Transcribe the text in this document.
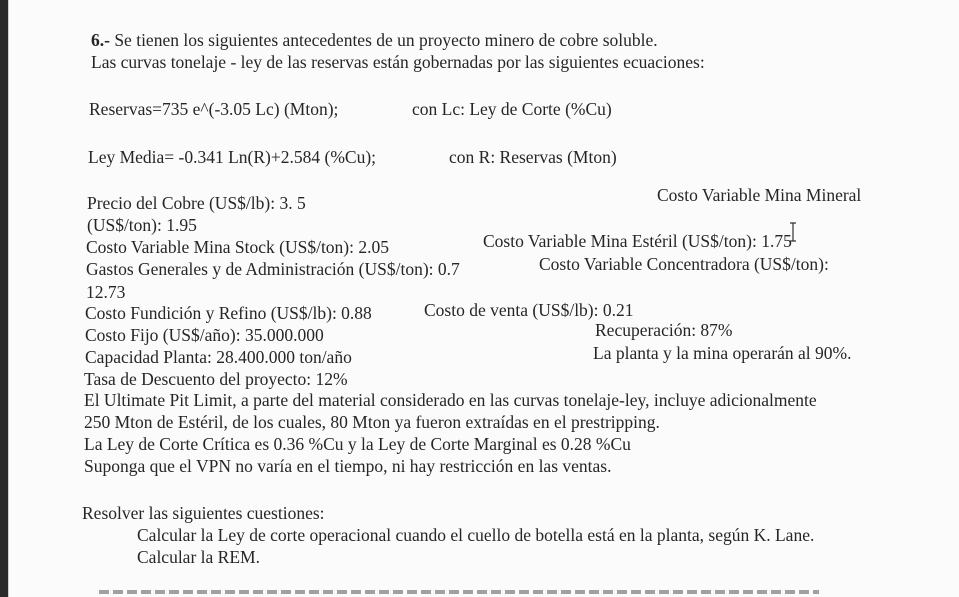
6.- Se tienen los siguientes antecedentes de un proyecto minero de cobre soluble.
Las curvas tonelaje - ley de las reservas están gobernadas por las siguientes ecuaciones:
Reservas=735 e^(-3.05 Lc) (Mton);	con Lc: Ley de Corte (%Cu)
Ley Media= -0.341 Ln(R)+2.584 (%Cu);	con R: Reservas (Mton)
Precio del Cobre (US$/lb): 3. 5	Costo Variable Mina Mineral
(US$/ton): 1.95
Costo Variable Mina Stock (US$/ton): 2.05	Costo Variable Mina Estéril (US$/ton): 1.75
Gastos Generales y de Administración (US$/ton): 0.7	Costo Variable Concentradora (US$/ton):
12.73
Costo Fundición y Refino (US$/lb): 0.88	Costo de venta (US$/lb): 0.21
Costo Fijo (US$/año): 35.000.000	Recuperación: 87%
Capacidad Planta: 28.400.000 ton/año	La planta y la mina operarán al 90%.
Tasa de Descuento del proyecto: 12%
El Ultimate Pit Limit, a parte del material considerado en las curvas tonelaje-ley, incluye adicionalmente
250 Mton de Estéril, de los cuales, 80 Mton ya fueron extraídas en el prestripping.
La Ley de Corte Crítica es 0.36 %Cu y la Ley de Corte Marginal es 0.28 %Cu
Suponga que el VPN no varía en el tiempo, ni hay restricción en las ventas.
Resolver las siguientes cuestiones:
Calcular la Ley de corte operacional cuando el cuello de botella está en la planta, según K. Lane.
Calcular la REM.
